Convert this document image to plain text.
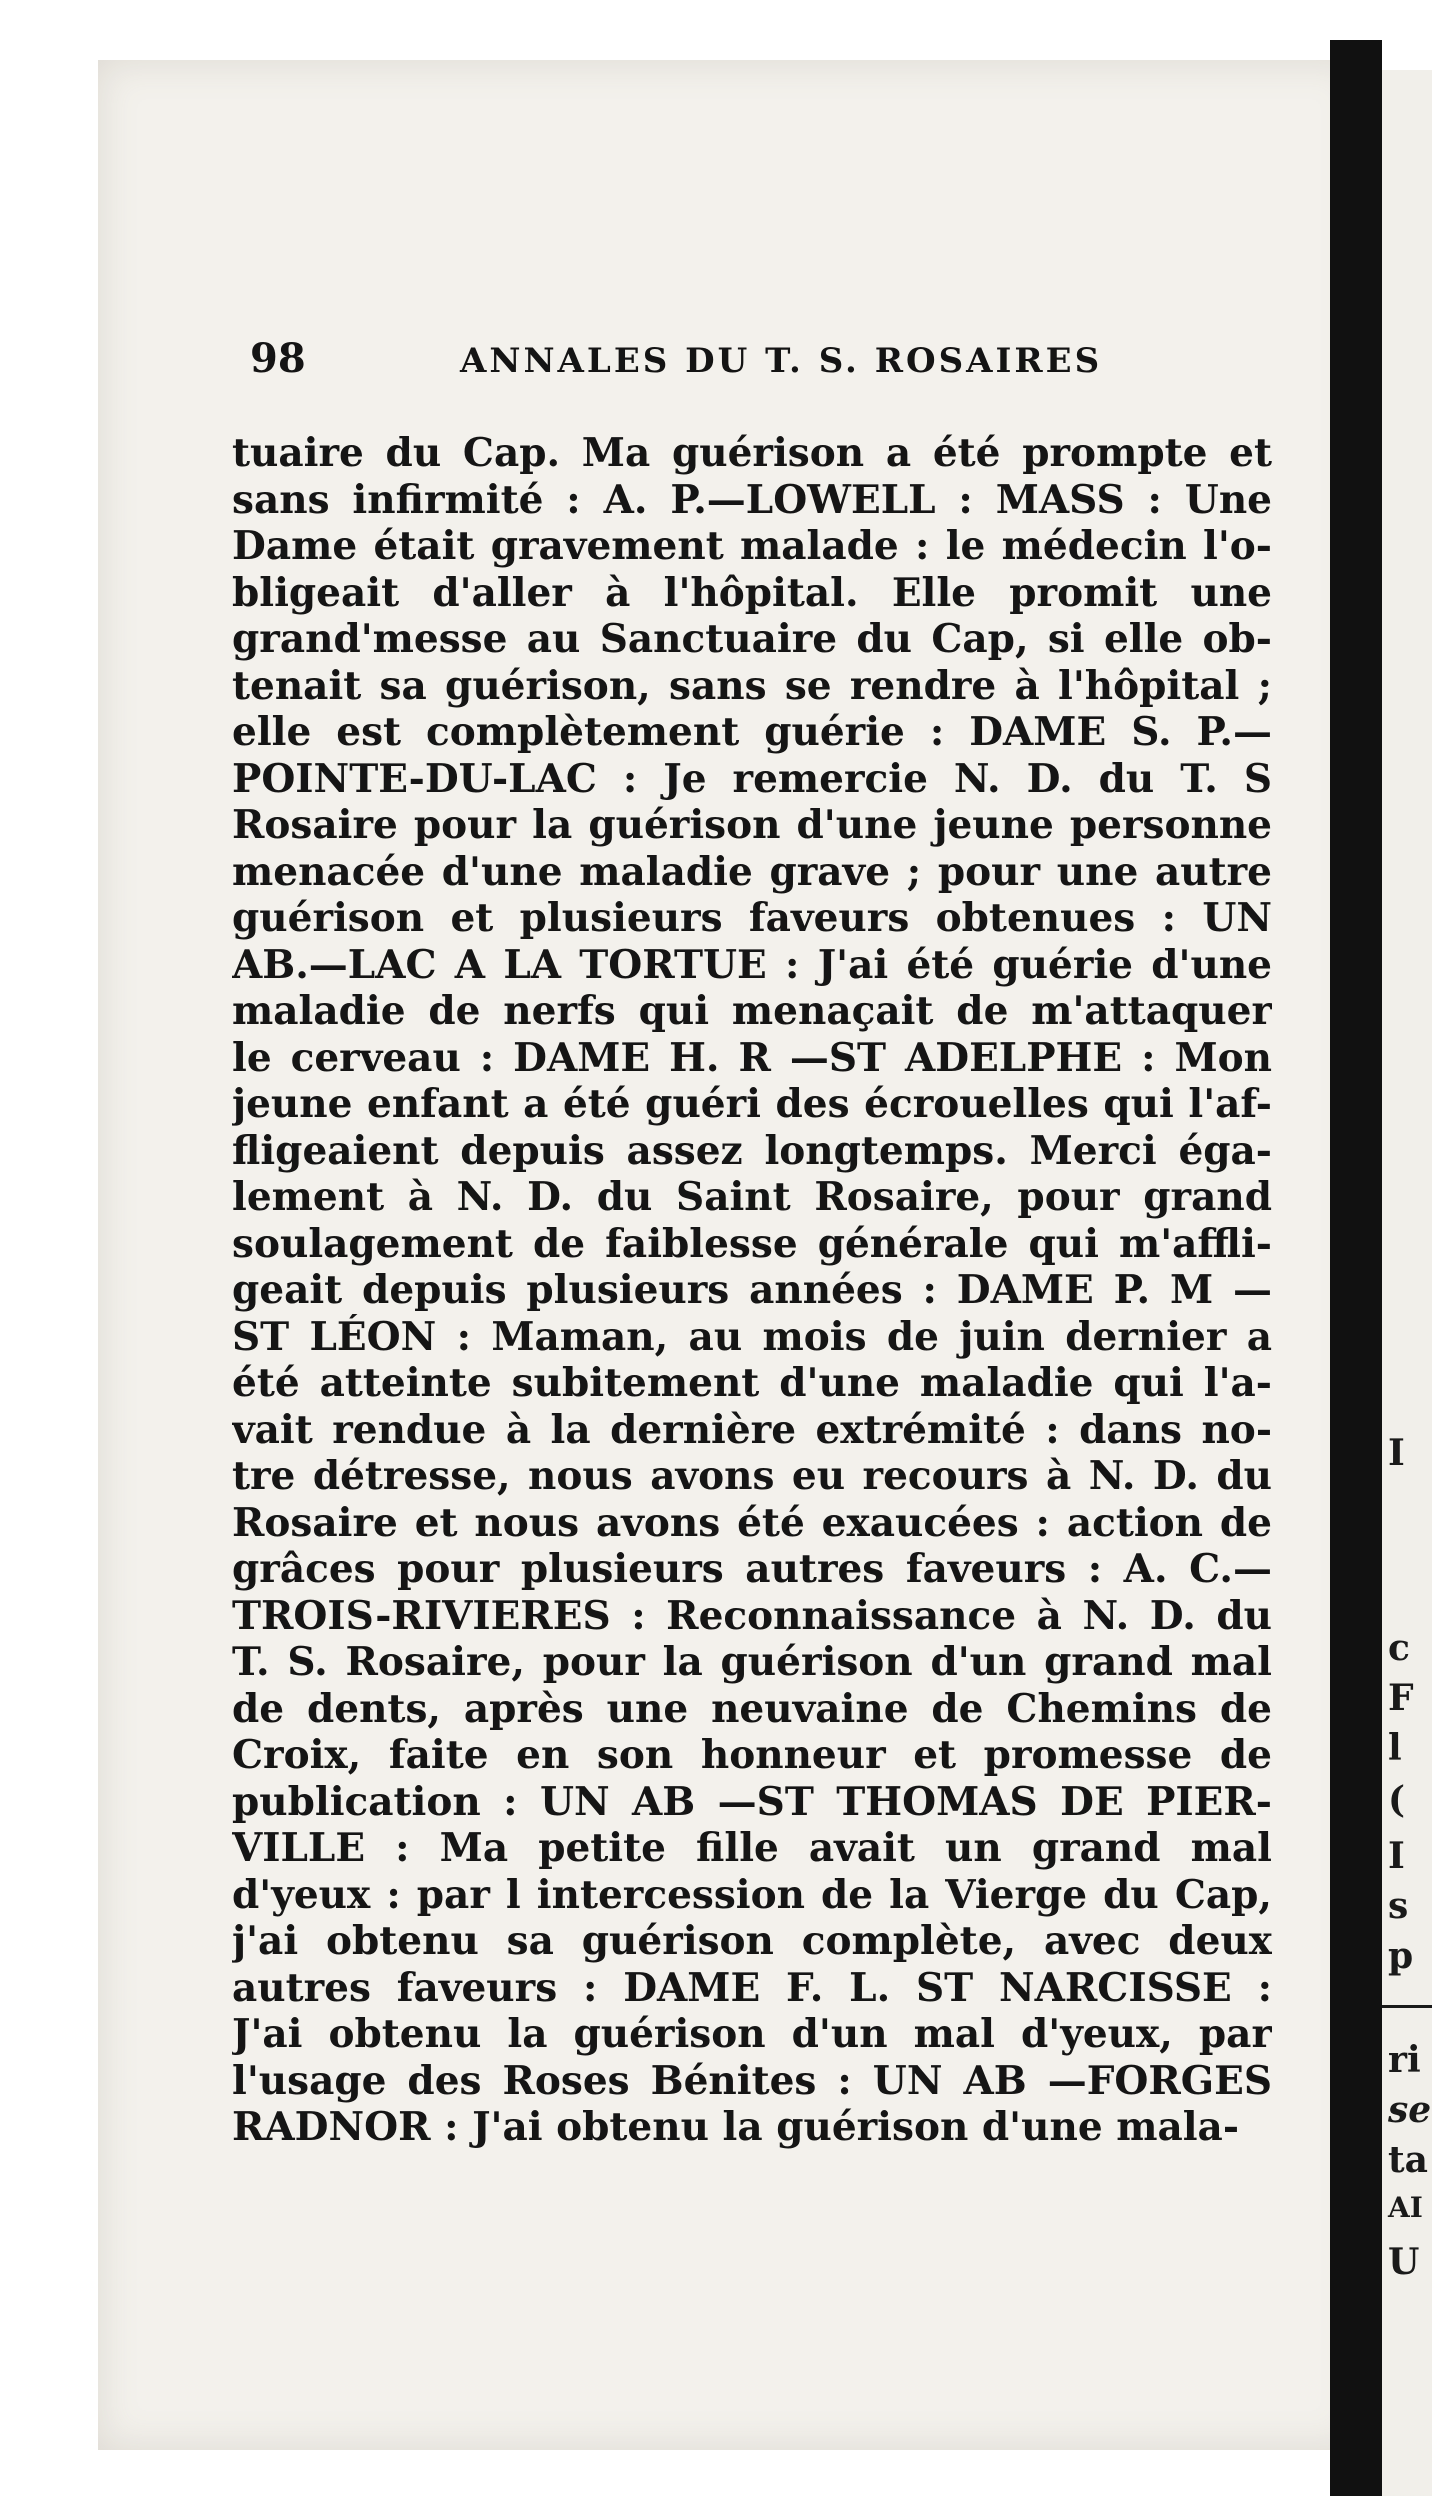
98	ANNALES DU T. S. ROSAIRES
tuaire du Cap. Ma guérison a été prompte et
sans infirmité : A. P.—LOWELL : MASS : Une
Dame était gravement malade : le médecin l'o-
bligeait d'aller à l'hôpital. Elle promit une
grand'messe au Sanctuaire du Cap, si elle ob-
tenait sa guérison, sans se rendre à l'hôpital ;
elle est complètement guérie : DAME S. P.—
POINTE-DU-LAC : Je remercie N. D. du T. S
Rosaire pour la guérison d'une jeune personne
menacée d'une maladie grave ; pour une autre
guérison et plusieurs faveurs obtenues : UN
AB.—LAC A LA TORTUE : J'ai été guérie d'une
maladie de nerfs qui menaçait de m'attaquer
le cerveau : DAME H. R —ST ADELPHE : Mon
jeune enfant a été guéri des écrouelles qui l'af-
fligeaient depuis assez longtemps. Merci éga-
lement à N. D. du Saint Rosaire, pour grand
soulagement de faiblesse générale qui m'affli-
geait depuis plusieurs années : DAME P. M —
ST LÉON : Maman, au mois de juin dernier a
été atteinte subitement d'une maladie qui l'a-
vait rendue à la dernière extrémité : dans no-
tre détresse, nous avons eu recours à N. D. du
Rosaire et nous avons été exaucées : action de
grâces pour plusieurs autres faveurs : A. C.—
TROIS-RIVIERES : Reconnaissance à N. D. du
T. S. Rosaire, pour la guérison d'un grand mal
de dents, après une neuvaine de Chemins de
Croix, faite en son honneur et promesse de
publication : UN AB —ST THOMAS DE PIER-
VILLE : Ma petite fille avait un grand mal
d'yeux : par l intercession de la Vierge du Cap,
j'ai obtenu sa guérison complète, avec deux
autres faveurs : DAME F. L. ST NARCISSE :
J'ai obtenu la guérison d'un mal d'yeux, par
l'usage des Roses Bénites : UN AB —FORGES
RADNOR : J'ai obtenu la guérison d'une mala-
I
c
F
l
(
I
s
p
ri
se
ta
AI
U
